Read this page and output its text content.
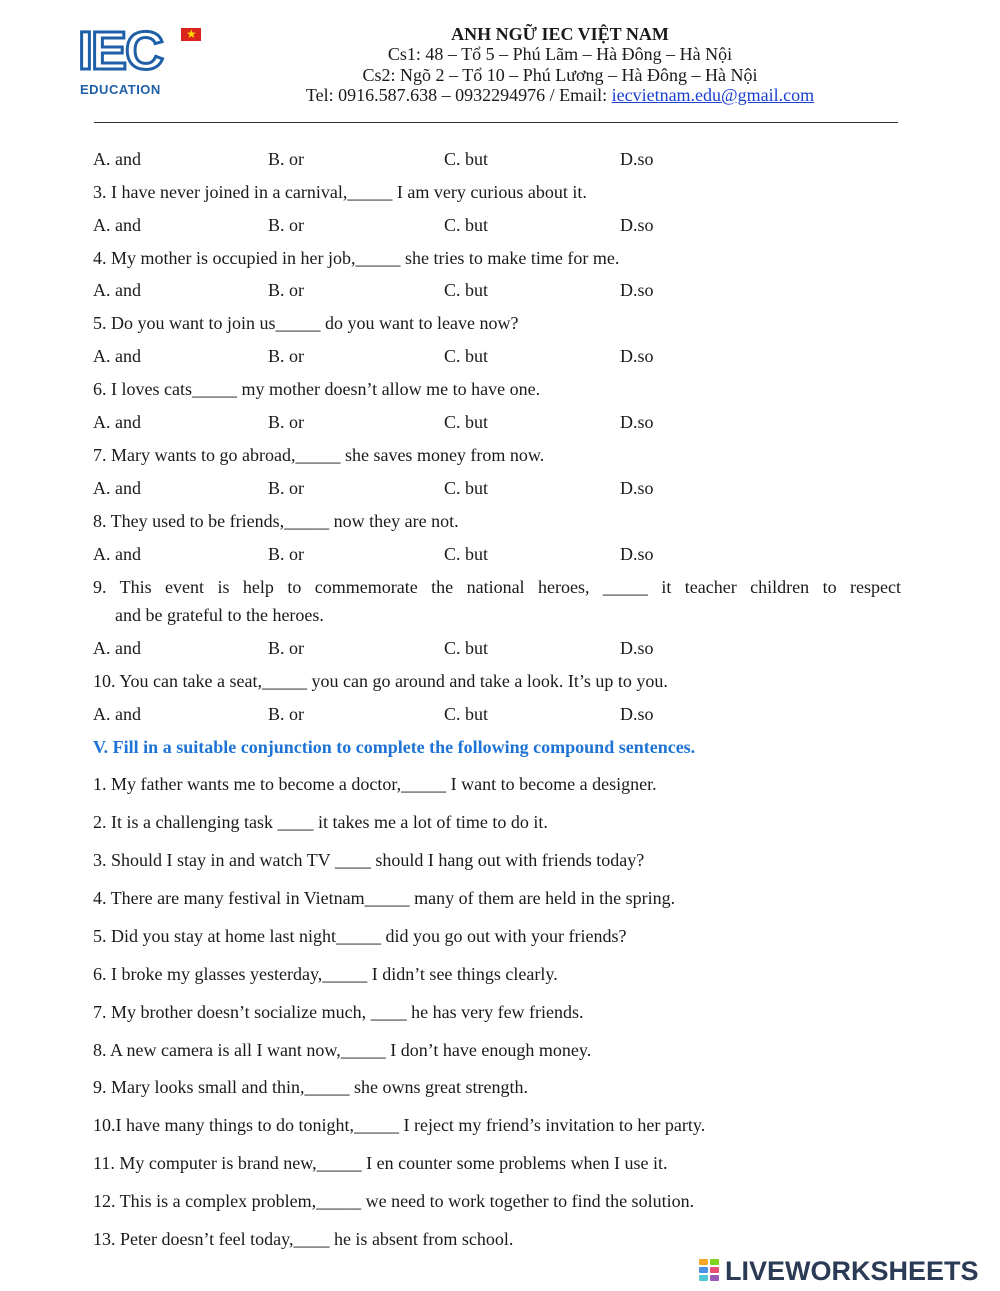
IEC ★
EDUCATION
ANH NGỮ IEC VIỆT NAM
Cs1: 48 – Tổ 5 – Phú Lãm – Hà Đông – Hà Nội
Cs2: Ngõ 2 – Tổ 10 – Phú Lương – Hà Đông – Hà Nội
Tel: 0916.587.638 – 0932294976 / Email: iecvietnam.edu@gmail.com
A. and	B. or	C. but	D.so
3. I have never joined in a carnival,_____ I am very curious about it.
A. and	B. or	C. but	D.so
4. My mother is occupied in her job,_____ she tries to make time for me.
A. and	B. or	C. but	D.so
5. Do you want to join us_____ do you want to leave now?
A. and	B. or	C. but	D.so
6. I loves cats_____ my mother doesn’t allow me to have one.
A. and	B. or	C. but	D.so
7. Mary wants to go abroad,_____ she saves money from now.
A. and	B. or	C. but	D.so
8. They used to be friends,_____ now they are not.
A. and	B. or	C. but	D.so
9. This event is help to commemorate the national heroes, _____ it teacher children to respect
and be grateful to the heroes.
A. and	B. or	C. but	D.so
10. You can take a seat,_____ you can go around and take a look. It’s up to you.
A. and	B. or	C. but	D.so
V. Fill in a suitable conjunction to complete the following compound sentences.
1. My father wants me to become a doctor,_____ I want to become a designer.
2. It is a challenging task ____ it takes me a lot of time to do it.
3. Should I stay in and watch TV ____ should I hang out with friends today?
4. There are many festival in Vietnam_____ many of them are held in the spring.
5. Did you stay at home last night_____ did you go out with your friends?
6. I broke my glasses yesterday,_____ I didn’t see things clearly.
7. My brother doesn’t socialize much, ____ he has very few friends.
8. A new camera is all I want now,_____ I don’t have enough money.
9. Mary looks small and thin,_____ she owns great strength.
10.I have many things to do tonight,_____ I reject my friend’s invitation to her party.
11. My computer is brand new,_____ I en counter some problems when I use it.
12. This is a complex problem,_____ we need to work together to find the solution.
13. Peter doesn’t feel today,____ he is absent from school.
LIVEWORKSHEETS
